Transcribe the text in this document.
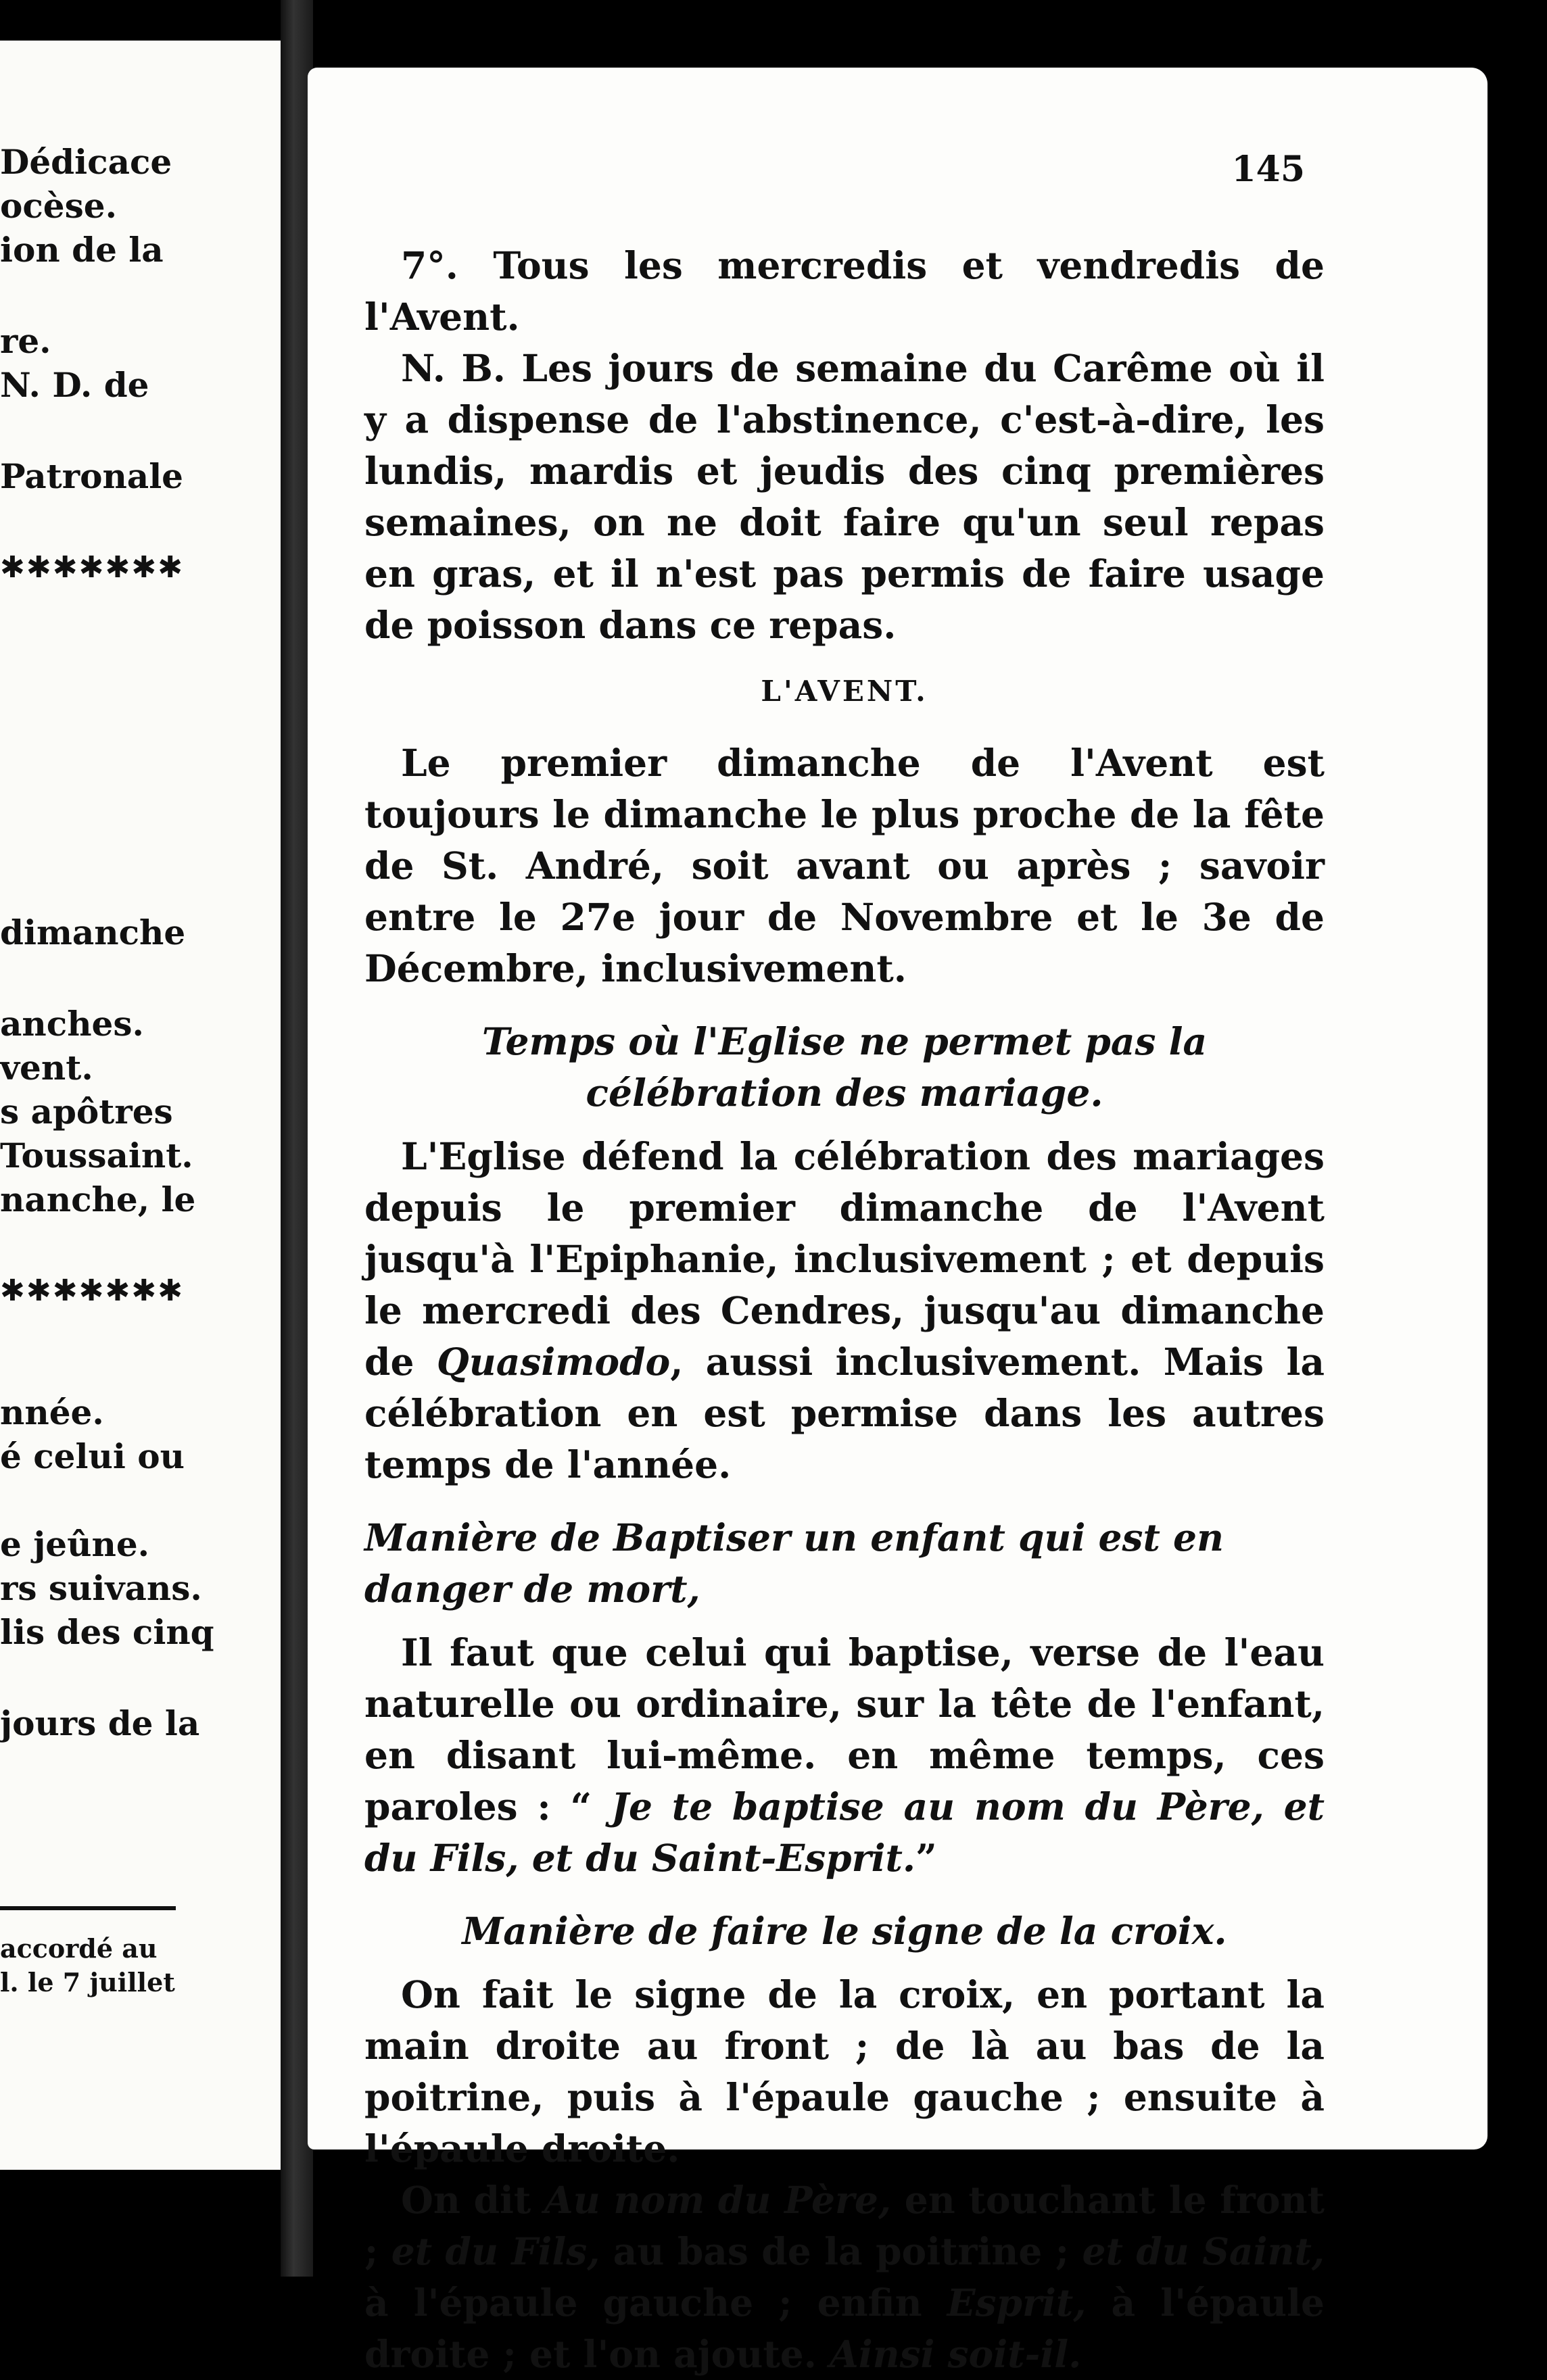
Dédicace
ocèse.
ion de la
re.
N. D. de
Patronale
✱✱✱✱✱✱✱
dimanche
anches.
vent.
s apôtres
Toussaint.
nanche, le
✱✱✱✱✱✱✱
nnée.
é celui ou
e jeûne.
rs suivans.
lis des cinq
jours de la
accordé au
l. le 7 juillet
145

7°. Tous les mercredis et vendredis de l'Avent.

N. B. Les jours de semaine du Carême où il y a dispense de l'abstinence, c'est-à-dire, les lundis, mardis et jeudis des cinq premières semaines, on ne doit faire qu'un seul repas en gras, et il n'est pas permis de faire usage de poisson dans ce repas.

L'AVENT.

Le premier dimanche de l'Avent est toujours le dimanche le plus proche de la fête de St. André, soit avant ou après ; savoir entre le 27e jour de Novembre et le 3e de Décembre, inclusivement.

Temps où l'Eglise ne permet pas la célébration des mariage.

L'Eglise défend la célébration des mariages depuis le premier dimanche de l'Avent jusqu'à l'Epiphanie, inclusivement ; et depuis le mercredi des Cendres, jusqu'au dimanche de Quasimodo, aussi inclusivement. Mais la célébration en est permise dans les autres temps de l'année.

Manière de Baptiser un enfant qui est en danger de mort,

Il faut que celui qui baptise, verse de l'eau naturelle ou ordinaire, sur la tête de l'enfant, en disant lui-même. en même temps, ces paroles : “ Je te baptise au nom du Père, et du Fils, et du Saint-Esprit.”

Manière de faire le signe de la croix.

On fait le signe de la croix, en portant la main droite au front ; de là au bas de la poitrine, puis à l'épaule gauche ; ensuite à l'épaule droite.

On dit Au nom du Père, en touchant le front ; et du Fils, au bas de la poitrine ; et du Saint, à l'épaule gauche ; enfin Esprit, à l'épaule droite ; et l'on ajoute. Ainsi soit-il.
